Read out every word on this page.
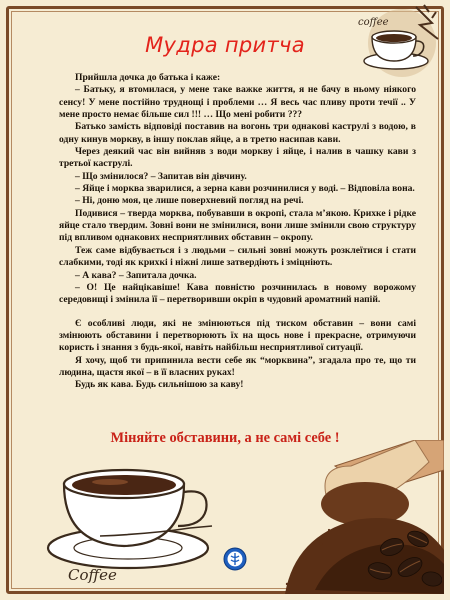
coffee
Мудра притча

Прийшла дочка до батька і каже:

– Батьку, я втомилася, у мене таке важке життя, я не бачу в ньому ніякого сенсу! У мене постійно труднощі і проблеми … Я весь час пливу проти течії .. У мене просто немає більше сил !!! … Що мені робити ???

Батько замість відповіді поставив на вогонь три однакові каструлі з водою, в одну кинув моркву, в іншу поклав яйце, а в третю насипав кави.

Через деякий час він вийняв з води моркву і яйце, і налив в чашку кави з третьої каструлі.

– Що змінилося? – Запитав він дівчину.

– Яйце і морква зварилися, а зерна кави розчинилися у воді. – Відповіла вона.

– Ні, доню моя, це лише поверхневий погляд на речі.

Подивися – тверда морква, побувавши в окропі, стала м’якою. Крихке і рідке яйце стало твердим. Зовні вони не змінилися, вони лише змінили свою структуру під впливом однакових несприятливих обставин – окропу.

Теж саме відбувається і з людьми – сильні зовні можуть розклеїтися і стати слабкими, тоді як крихкі і ніжні лише затвердіють і зміцніють.

– А кава? – Запитала дочка.

– О! Це найцікавіше! Кава повністю розчинилась в новому ворожому середовищі і змінила її – перетворивши окріп в чудовий ароматний напій.

Є особливі люди, які не змінюються під тиском обставин – вони самі змінюють обставини і перетворюють їх на щось нове і прекрасне, отримуючи користь і знання з будь-якої, навіть найбільш несприятливої ситуації.

Я хочу, щоб ти припинила вести себе як “морквина”, згадала про те, що ти людина, щастя якої – в її власних руках!

Будь як кава. Будь сильнішою за каву!

Міняйте обставини, а не самі себе !
Coffee
